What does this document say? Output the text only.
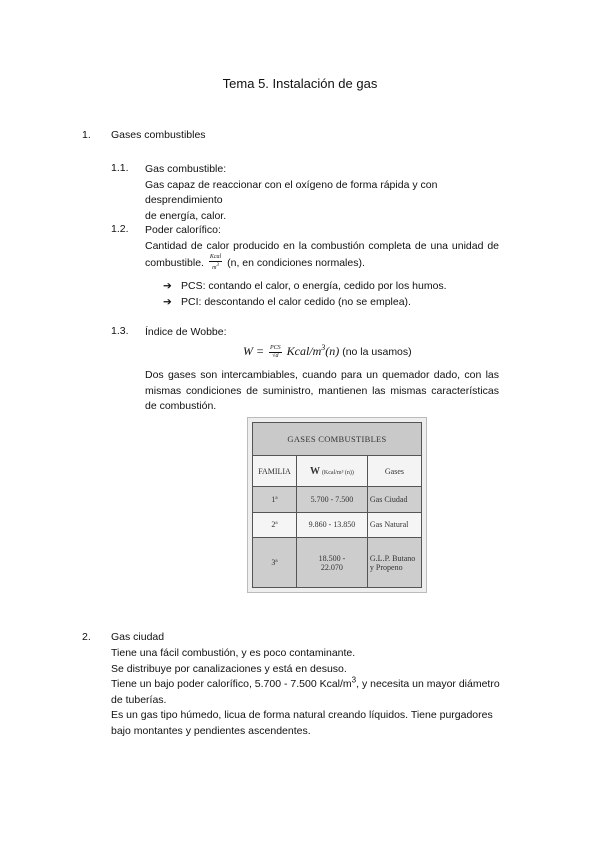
Tema 5. Instalación de gas
1. Gases combustibles
1.1. Gas combustible:
Gas capaz de reaccionar con el oxígeno de forma rápida y con desprendimiento
de energía, calor.
1.2. Poder calorífico:
Cantidad de calor producido en la combustión completa de una unidad de
combustible. $\frac{\text{Kcal}}{m^3} (n$, en condiciones normales).
➔ PCS: contando el calor, o energía, cedido por los humos.
➔ PCI: descontando el calor cedido (no se emplea).
1.3. Índice de Wobbe:
$W = \frac{\text{PCS}}{√d}$ Kcal/$m^3(n)$ (no la usamos)
Dos gases son intercambiables, cuando para un quemador dado, con las mismas condiciones de suministro, mantienen las mismas características de combustión.
GASES COMBUSTIBLES		
FAMILIA	W (Kcal/m³ (n))	Gases
1ª	5.700 - 7.500	Gas Ciudad
2ª	9.860 - 13.850	Gas Natural
3ª	18.500 - 22.070	G.L.P. Butano y Propeno
2. Gas ciudad
Tiene una fácil combustión, y es poco contaminante.
Se distribuye por canalizaciones y está en desuso.
Tiene un bajo poder calorífico, 5.700 - 7.500 Kcal/$m^3$, y necesita un mayor diámetro de tuberías.
Es un gas tipo húmedo, licua de forma natural creando líquidos. Tiene purgadores bajo montantes y pendientes ascendentes.
